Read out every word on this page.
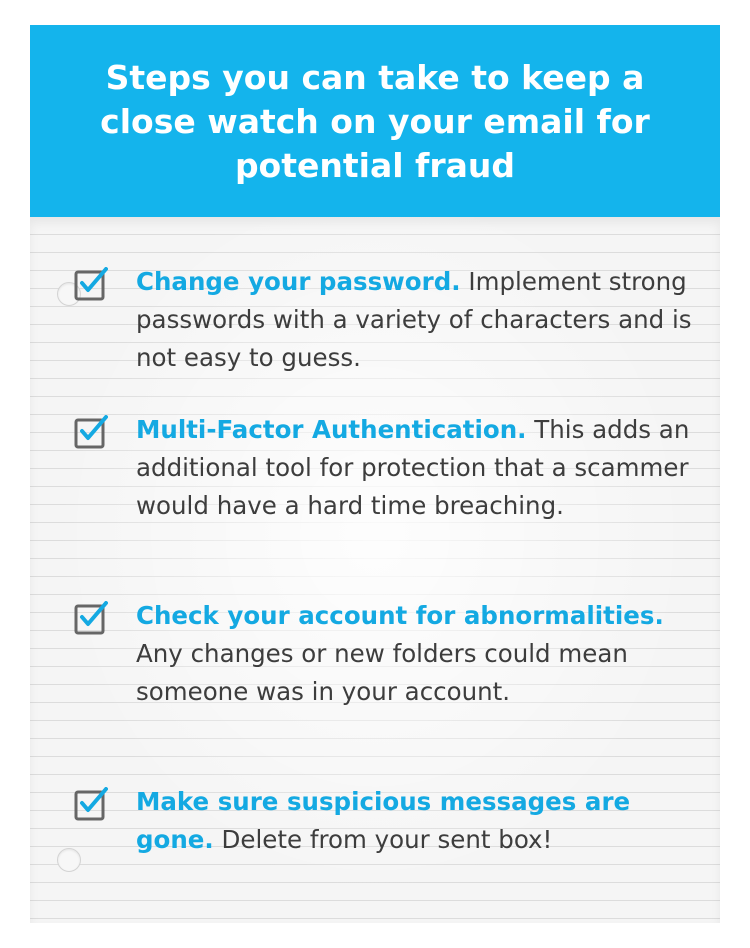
Steps you can take to keep a close watch on your email for potential fraud
Change your password. Implement strong passwords with a variety of characters and is not easy to guess.
Multi-Factor Authentication. This adds an additional tool for protection that a scammer would have a hard time breaching.
Check your account for abnormalities. Any changes or new folders could mean someone was in your account.
Make sure suspicious messages are gone. Delete from your sent box!
